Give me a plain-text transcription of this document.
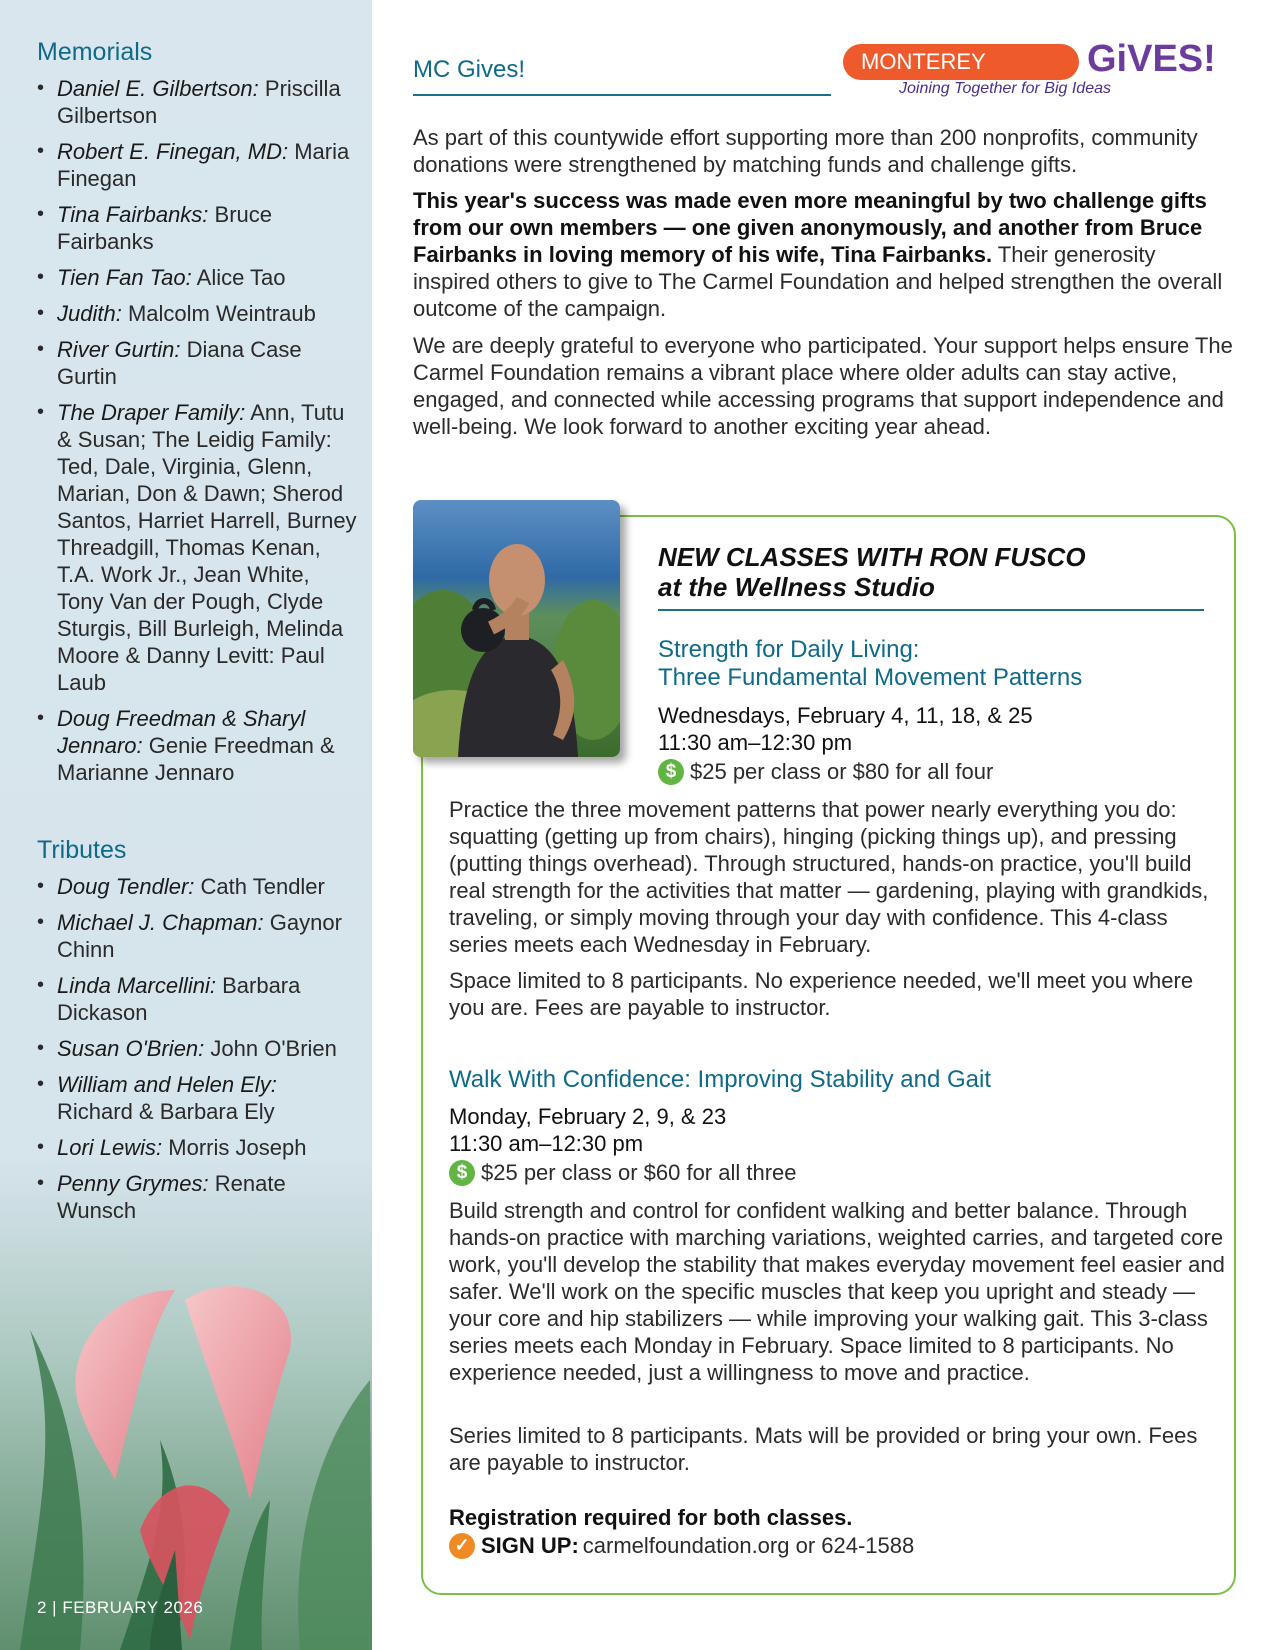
Memorials
• Daniel E. Gilbertson: Priscilla Gilbertson
• Robert E. Finegan, MD: Maria Finegan
• Tina Fairbanks: Bruce Fairbanks
• Tien Fan Tao: Alice Tao
• Judith: Malcolm Weintraub
• River Gurtin: Diana Case Gurtin
• The Draper Family: Ann, Tutu & Susan; The Leidig Family: Ted, Dale, Virginia, Glenn, Marian, Don & Dawn; Sherod Santos, Harriet Harrell, Burney Threadgill, Thomas Kenan, T.A. Work Jr., Jean White, Tony Van der Pough, Clyde Sturgis, Bill Burleigh, Melinda Moore & Danny Levitt: Paul Laub
• Doug Freedman & Sharyl Jennaro: Genie Freedman & Marianne Jennaro
Tributes
• Doug Tendler: Cath Tendler
• Michael J. Chapman: Gaynor Chinn
• Linda Marcellini: Barbara Dickason
• Susan O'Brien: John O'Brien
• William and Helen Ely: Richard & Barbara Ely
• Lori Lewis: Morris Joseph
• Penny Grymes: Renate Wunsch
2 | FEBRUARY 2026
MC Gives!	MONTEREY COUNTY
GiVES!
Joining Together for Big Ideas

As part of this countywide effort supporting more than 200 nonprofits, community donations were strengthened by matching funds and challenge gifts.

This year's success was made even more meaningful by two challenge gifts from our own members — one given anonymously, and another from Bruce Fairbanks in loving memory of his wife, Tina Fairbanks. Their generosity inspired others to give to The Carmel Foundation and helped strengthen the overall outcome of the campaign.

We are deeply grateful to everyone who participated. Your support helps ensure The Carmel Foundation remains a vibrant place where older adults can stay active, engaged, and connected while accessing programs that support independence and well-being. We look forward to another exciting year ahead.

NEW CLASSES WITH RON FUSCO
at the Wellness Studio
Strength for Daily Living:
Three Fundamental Movement Patterns
Wednesdays, February 4, 11, 18, & 25
11:30 am–12:30 pm
$ $25 per class or $80 for all four

Practice the three movement patterns that power nearly everything you do: squatting (getting up from chairs), hinging (picking things up), and pressing (putting things overhead). Through structured, hands-on practice, you'll build real strength for the activities that matter — gardening, playing with grandkids, traveling, or simply moving through your day with confidence. This 4-class series meets each Wednesday in February.

Space limited to 8 participants. No experience needed, we'll meet you where you are. Fees are payable to instructor.

Walk With Confidence: Improving Stability and Gait
Monday, February 2, 9, & 23
11:30 am–12:30 pm
$ $25 per class or $60 for all three

Build strength and control for confident walking and better balance. Through hands-on practice with marching variations, weighted carries, and targeted core work, you'll develop the stability that makes everyday movement feel easier and safer. We'll work on the specific muscles that keep you upright and steady — your core and hip stabilizers — while improving your walking gait. This 3-class series meets each Monday in February. Space limited to 8 participants. No experience needed, just a willingness to move and practice.

Series limited to 8 participants. Mats will be provided or bring your own. Fees are payable to instructor.

Registration required for both classes.
✓ SIGN UP: carmelfoundation.org or 624-1588
